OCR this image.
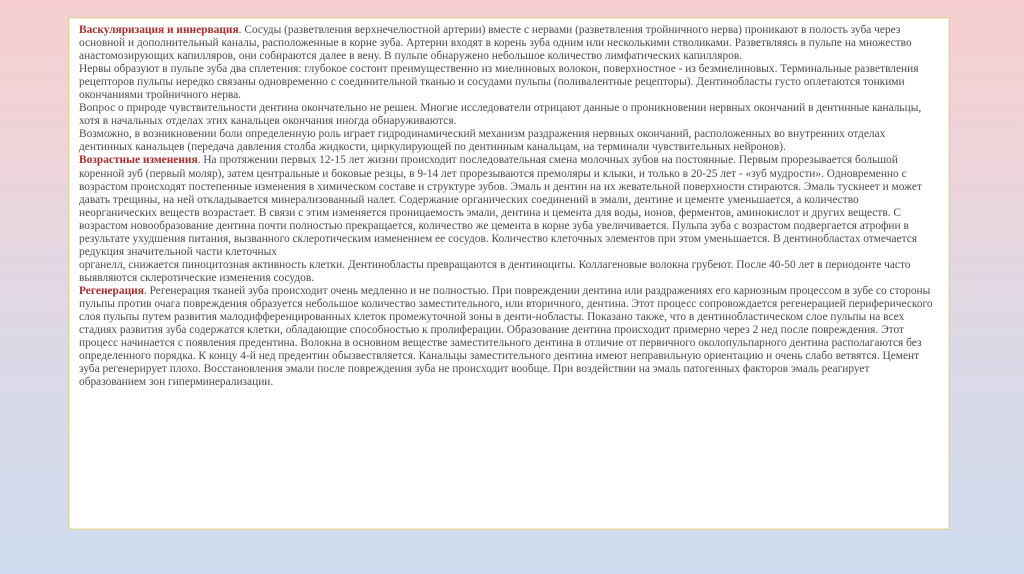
Васкуляризация и иннервация. Сосуды (разветвления верхнечелюстной артерии) вместе с нервами (разветвления тройничного нерва) проникают в полость зуба через основной и дополнительный каналы, расположенные в корне зуба. Артерии входят в корень зуба одним или несколькими стволиками. Разветвляясь в пульпе на множество анастомозирующих капилляров, они собираются далее в вену. В пульпе обнаружено небольшое количество лимфатических капилляров.

Нервы образуют в пульпе зуба два сплетения: глубокое состоит преимущественно из миелиновых волокон, поверхностное - из безмиелиновых. Терминальные разветвления рецепторов пульпы нередко связаны одновременно с соединительной тканью и сосудами пульпы (поливалентные рецепторы). Дентинобласты густо оплетаются тонкими окончаниями тройничного нерва.

Вопрос о природе чувствительности дентина окончательно не решен. Многие исследователи отрицают данные о проникновении нервных окончаний в дентинные канальцы, хотя в начальных отделах этих канальцев окончания иногда обнаруживаются.

Возможно, в возникновении боли определенную роль играет гидродинамический механизм раздражения нервных окончаний, расположенных во внутренних отделах дентинных канальцев (передача давления столба жидкости, циркулирующей по дентинным канальцам, на терминали чувствительных нейронов).

Возрастные изменения. На протяжении первых 12-15 лет жизни происходит последовательная смена молочных зубов на постоянные. Первым прорезывается большой коренной зуб (первый моляр), затем центральные и боковые резцы, в 9-14 лет прорезываются премоляры и клыки, и только в 20-25 лет - «зуб мудрости». Одновременно с возрастом происходят постепенные изменения в химическом составе и структуре зубов. Эмаль и дентин на их жевательной поверхности стираются. Эмаль тускнеет и может давать трещины, на ней откладывается минерализованный налет. Содержание органических соединений в эмали, дентине и цементе уменьшается, а количество неорганических веществ возрастает. В связи с этим изменяется проницаемость эмали, дентина и цемента для воды, ионов, ферментов, аминокислот и других веществ. С возрастом новообразование дентина почти полностью прекращается, количество же цемента в корне зуба увеличивается. Пульпа зуба с возрастом подвергается атрофии в результате ухудшения питания, вызванного склеротическим изменением ее сосудов. Количество клеточных элементов при этом уменьшается. В дентинобластах отмечается редукция значительной части клеточных

органелл, снижается пиноцитозная активность клетки. Дентинобласты превращаются в дентиноциты. Коллагеновые волокна грубеют. После 40-50 лет в периодонте часто выявляются склеротические изменения сосудов.

Регенерация. Регенерация тканей зуба происходит очень медленно и не полностью. При повреждении дентина или раздражениях его кариозным процессом в зубе со стороны пульпы против очага повреждения образуется небольшое количество заместительного, или вторичного, дентина. Этот процесс сопровождается регенерацией периферического слоя пульпы путем развития малодифференцированных клеток промежуточной зоны в денти-нобласты. Показано также, что в дентинобластическом слое пульпы на всех стадиях развития зуба содержатся клетки, обладающие способностью к пролиферации. Образование дентина происходит примерно через 2 нед после повреждения. Этот процесс начинается с появления предентина. Волокна в основном веществе заместительного дентина в отличие от первичного околопульпарного дентина располагаются без определенного порядка. К концу 4-й нед предентин обызвествляется. Канальцы заместительного дентина имеют неправильную ориентацию и очень слабо ветвятся. Цемент зуба регенерирует плохо. Восстановления эмали после повреждения зуба не происходит вообще. При воздействии на эмаль патогенных факторов эмаль реагирует образованием зон гиперминерализации.
